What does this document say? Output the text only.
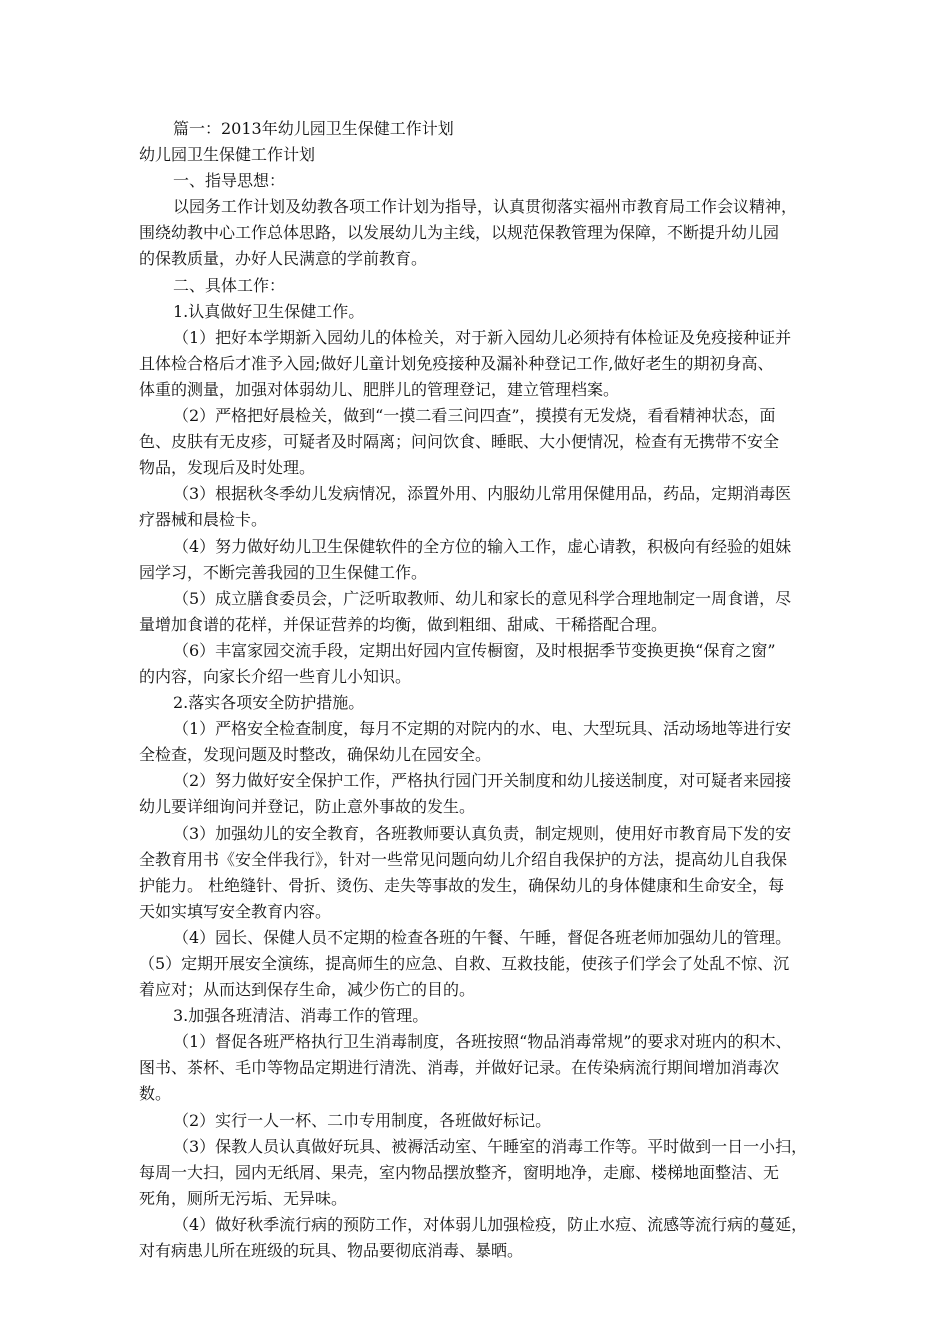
篇一：2013年幼儿园卫生保健工作计划
幼儿园卫生保健工作计划
一、指导思想：
以园务工作计划及幼教各项工作计划为指导，认真贯彻落实福州市教育局工作会议精神，
围绕幼教中心工作总体思路，以发展幼儿为主线，以规范保教管理为保障，不断提升幼儿园
的保教质量，办好人民满意的学前教育。
二、具体工作：
1.认真做好卫生保健工作。
（1）把好本学期新入园幼儿的体检关，对于新入园幼儿必须持有体检证及免疫接种证并
且体检合格后才准予入园;做好儿童计划免疫接种及漏补种登记工作,做好老生的期初身高、
体重的测量，加强对体弱幼儿、肥胖儿的管理登记，建立管理档案。
（2）严格把好晨检关，做到“一摸二看三问四查”，摸摸有无发烧，看看精神状态，面
色、皮肤有无皮疹，可疑者及时隔离；问问饮食、睡眠、大小便情况，检查有无携带不安全
物品，发现后及时处理。
（3）根据秋冬季幼儿发病情况，添置外用、内服幼儿常用保健用品，药品，定期消毒医
疗器械和晨检卡。
（4）努力做好幼儿卫生保健软件的全方位的输入工作，虚心请教，积极向有经验的姐妹
园学习，不断完善我园的卫生保健工作。
（5）成立膳食委员会，广泛听取教师、幼儿和家长的意见科学合理地制定一周食谱，尽
量增加食谱的花样，并保证营养的均衡，做到粗细、甜咸、干稀搭配合理。
（6）丰富家园交流手段，定期出好园内宣传橱窗，及时根据季节变换更换“保育之窗”
的内容，向家长介绍一些育儿小知识。
2.落实各项安全防护措施。
（1）严格安全检查制度，每月不定期的对院内的水、电、大型玩具、活动场地等进行安
全检查，发现问题及时整改，确保幼儿在园安全。
（2）努力做好安全保护工作，严格执行园门开关制度和幼儿接送制度，对可疑者来园接
幼儿要详细询问并登记，防止意外事故的发生。
（3）加强幼儿的安全教育，各班教师要认真负责，制定规则，使用好市教育局下发的安
全教育用书《安全伴我行》，针对一些常见问题向幼儿介绍自我保护的方法，提高幼儿自我保
护能力。 杜绝缝针、骨折、烫伤、走失等事故的发生，确保幼儿的身体健康和生命安全，每
天如实填写安全教育内容。
（4）园长、保健人员不定期的检查各班的午餐、午睡，督促各班老师加强幼儿的管理。
（5）定期开展安全演练，提高师生的应急、自救、互救技能，使孩子们学会了处乱不惊、沉
着应对；从而达到保存生命，减少伤亡的目的。
3.加强各班清洁、消毒工作的管理。
（1）督促各班严格执行卫生消毒制度，各班按照“物品消毒常规”的要求对班内的积木、
图书、茶杯、毛巾等物品定期进行清洗、消毒，并做好记录。在传染病流行期间增加消毒次
数。
（2）实行一人一杯、二巾专用制度，各班做好标记。
（3）保教人员认真做好玩具、被褥活动室、午睡室的消毒工作等。平时做到一日一小扫，
每周一大扫，园内无纸屑、果壳，室内物品摆放整齐，窗明地净，走廊、楼梯地面整洁、无
死角，厕所无污垢、无异味。
（4）做好秋季流行病的预防工作，对体弱儿加强检疫，防止水痘、流感等流行病的蔓延，
对有病患儿所在班级的玩具、物品要彻底消毒、暴晒。
